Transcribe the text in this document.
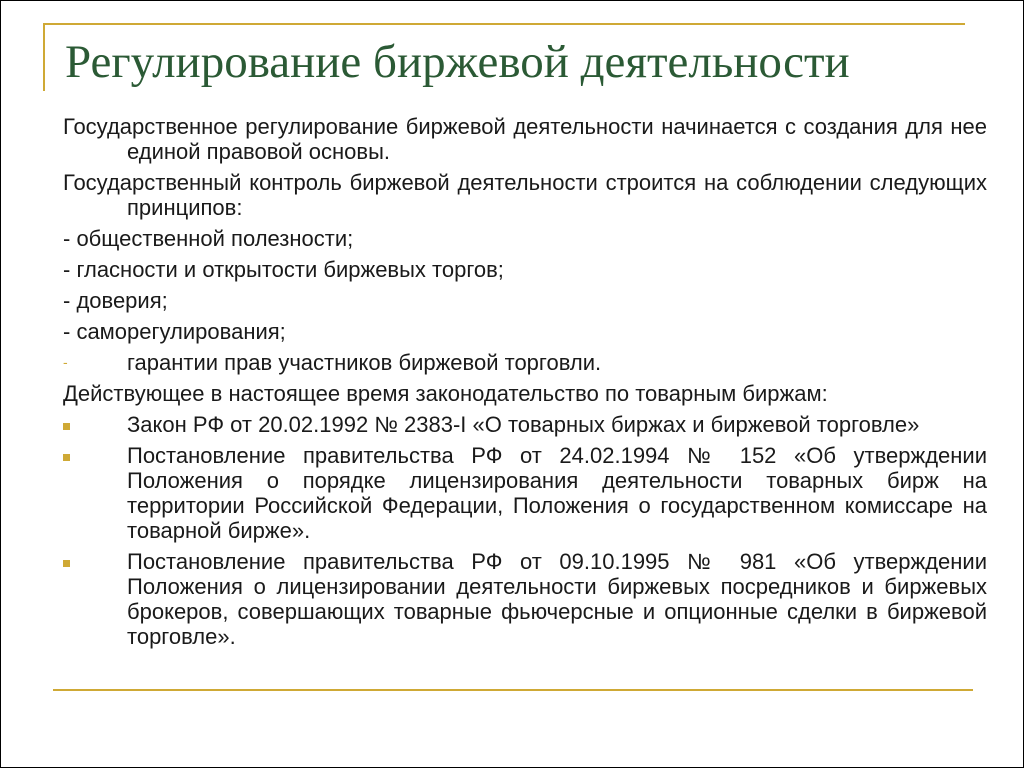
Регулирование биржевой деятельности

Государственное регулирование биржевой деятельности начинается с создания для нее единой правовой основы.

Государственный контроль биржевой деятельности строится на соблюдении следующих принципов:

- общественной полезности;

- гласности и открытости биржевых торгов;

- доверия;

- саморегулирования;

-	гарантии прав участников биржевой торговли.

Действующее в настоящее время законодательство по товарным биржам:

Закон РФ от 20.02.1992 № 2383-I «О товарных биржах и биржевой торговле»
Постановление правительства РФ от 24.02.1994 № 152 «Об утверждении Положения о порядке лицензирования деятельности товарных бирж на территории Российской Федерации, Положения о государственном комиссаре на товарной бирже».
Постановление правительства РФ от 09.10.1995 № 981 «Об утверждении Положения о лицензировании деятельности биржевых посредников и биржевых брокеров, совершающих товарные фьючерсные и опционные сделки в биржевой торговле».
